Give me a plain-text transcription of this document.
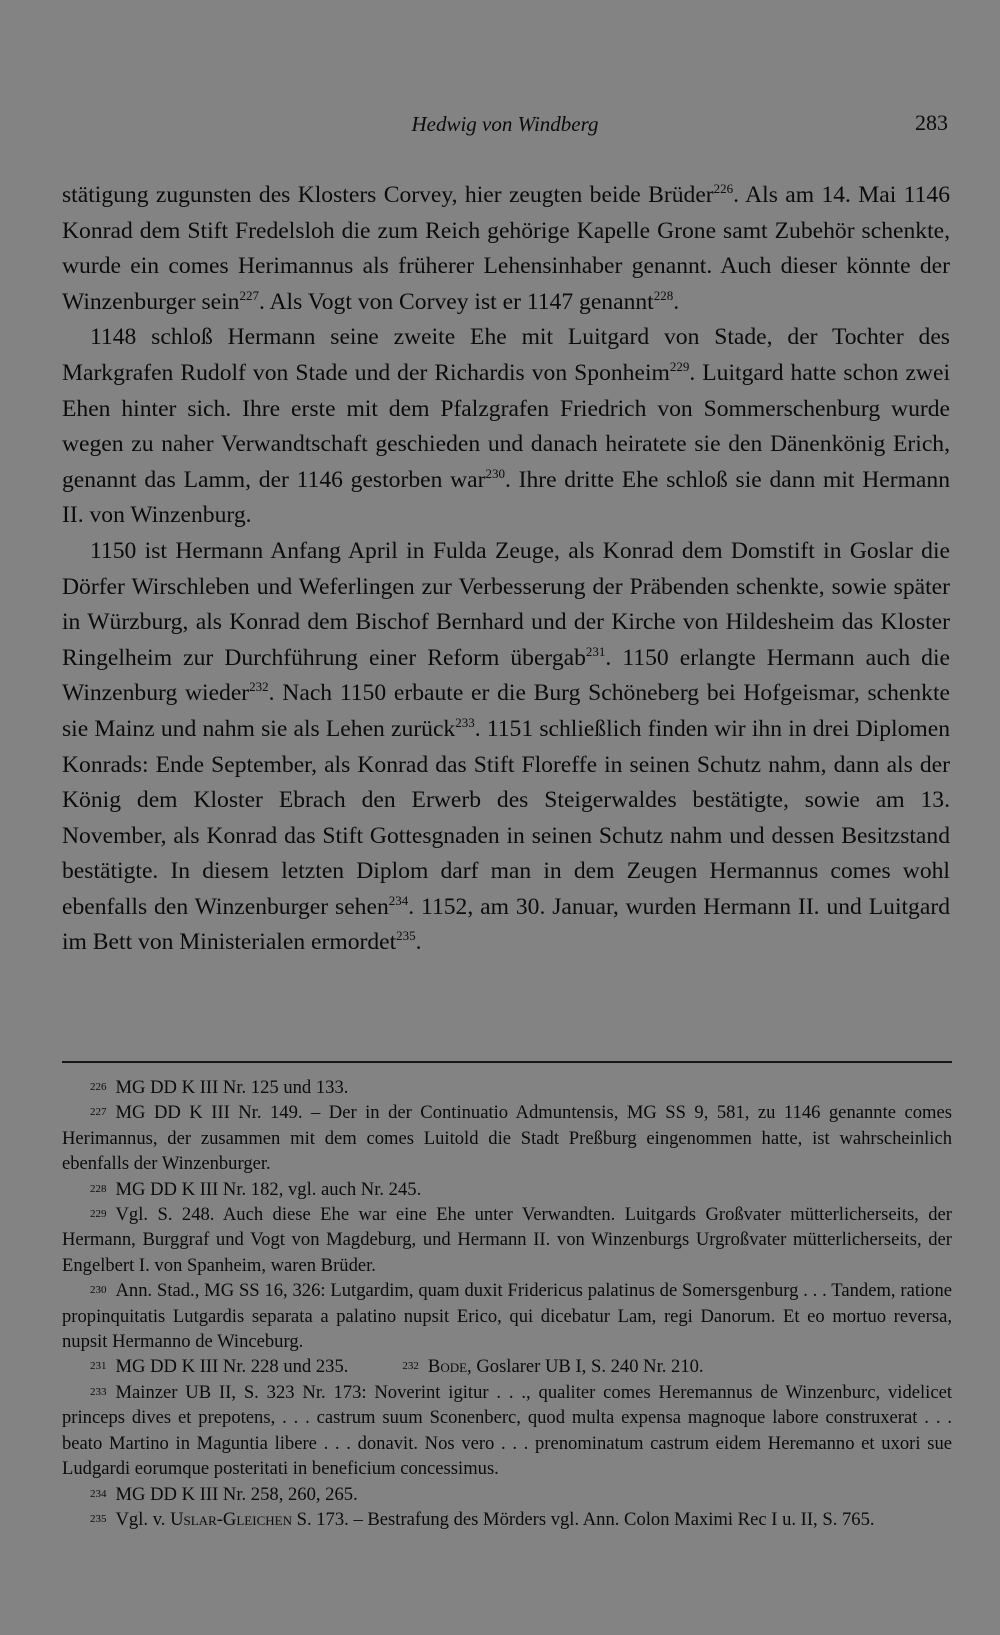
Hedwig von Windberg	283

stätigung zugunsten des Klosters Corvey, hier zeugten beide Brüder$^{226}$. Als am 14. Mai 1146 Konrad dem Stift Fredelsloh die zum Reich gehörige Kapelle Grone samt Zubehör schenkte, wurde ein comes Herimannus als früherer Lehensinhaber genannt. Auch dieser könnte der Winzenburger sein$^{227}$. Als Vogt von Corvey ist er 1147 genannt$^{228}$.

1148 schloß Hermann seine zweite Ehe mit Luitgard von Stade, der Tochter des Markgrafen Rudolf von Stade und der Richardis von Sponheim$^{229}$. Luitgard hatte schon zwei Ehen hinter sich. Ihre erste mit dem Pfalzgrafen Friedrich von Sommerschenburg wurde wegen zu naher Verwandtschaft geschieden und danach heiratete sie den Dänenkönig Erich, genannt das Lamm, der 1146 gestorben war$^{230}$. Ihre dritte Ehe schloß sie dann mit Hermann II. von Winzenburg.

1150 ist Hermann Anfang April in Fulda Zeuge, als Konrad dem Domstift in Goslar die Dörfer Wirschleben und Weferlingen zur Verbesserung der Präbenden schenkte, sowie später in Würzburg, als Konrad dem Bischof Bernhard und der Kirche von Hildesheim das Kloster Ringelheim zur Durchführung einer Reform übergab$^{231}$. 1150 erlangte Hermann auch die Winzenburg wieder$^{232}$. Nach 1150 erbaute er die Burg Schöneberg bei Hofgeismar, schenkte sie Mainz und nahm sie als Lehen zurück$^{233}$. 1151 schließlich finden wir ihn in drei Diplomen Konrads: Ende September, als Konrad das Stift Floreffe in seinen Schutz nahm, dann als der König dem Kloster Ebrach den Erwerb des Steigerwaldes bestätigte, sowie am 13. November, als Konrad das Stift Gottesgnaden in seinen Schutz nahm und dessen Besitzstand bestätigte. In diesem letzten Diplom darf man in dem Zeugen Hermannus comes wohl ebenfalls den Winzenburger sehen$^{234}$. 1152, am 30. Januar, wurden Hermann II. und Luitgard im Bett von Ministerialen ermordet$^{235}$.

226 MG DD K III Nr. 125 und 133.

227 MG DD K III Nr. 149. – Der in der Continuatio Admuntensis, MG SS 9, 581, zu 1146 genannte comes Herimannus, der zusammen mit dem comes Luitold die Stadt Preßburg eingenommen hatte, ist wahrscheinlich ebenfalls der Winzenburger.

228 MG DD K III Nr. 182, vgl. auch Nr. 245.

229 Vgl. S. 248. Auch diese Ehe war eine Ehe unter Verwandten. Luitgards Großvater mütterlicherseits, der Hermann, Burggraf und Vogt von Magdeburg, und Hermann II. von Winzenburgs Urgroßvater mütterlicherseits, der Engelbert I. von Spanheim, waren Brüder.

230 Ann. Stad., MG SS 16, 326: Lutgardim, quam duxit Fridericus palatinus de Somersgenburg . . . Tandem, ratione propinquitatis Lutgardis separata a palatino nupsit Erico, qui dicebatur Lam, regi Danorum. Et eo mortuo reversa, nupsit Hermanno de Winceburg.

231 MG DD K III Nr. 228 und 235.	232 Bode, Goslarer UB I, S. 240 Nr. 210.

233 Mainzer UB II, S. 323 Nr. 173: Noverint igitur . . ., qualiter comes Heremannus de Winzenburc, videlicet princeps dives et prepotens, . . . castrum suum Sconenberc, quod multa expensa magnoque labore construxerat . . . beato Martino in Maguntia libere . . . donavit. Nos vero . . . prenominatum castrum eidem Heremanno et uxori sue Ludgardi eorumque posteritati in beneficium concessimus.

234 MG DD K III Nr. 258, 260, 265.

235 Vgl. v. Uslar-Gleichen S. 173. – Bestrafung des Mörders vgl. Ann. Colon Maximi Rec I u. II, S. 765.
